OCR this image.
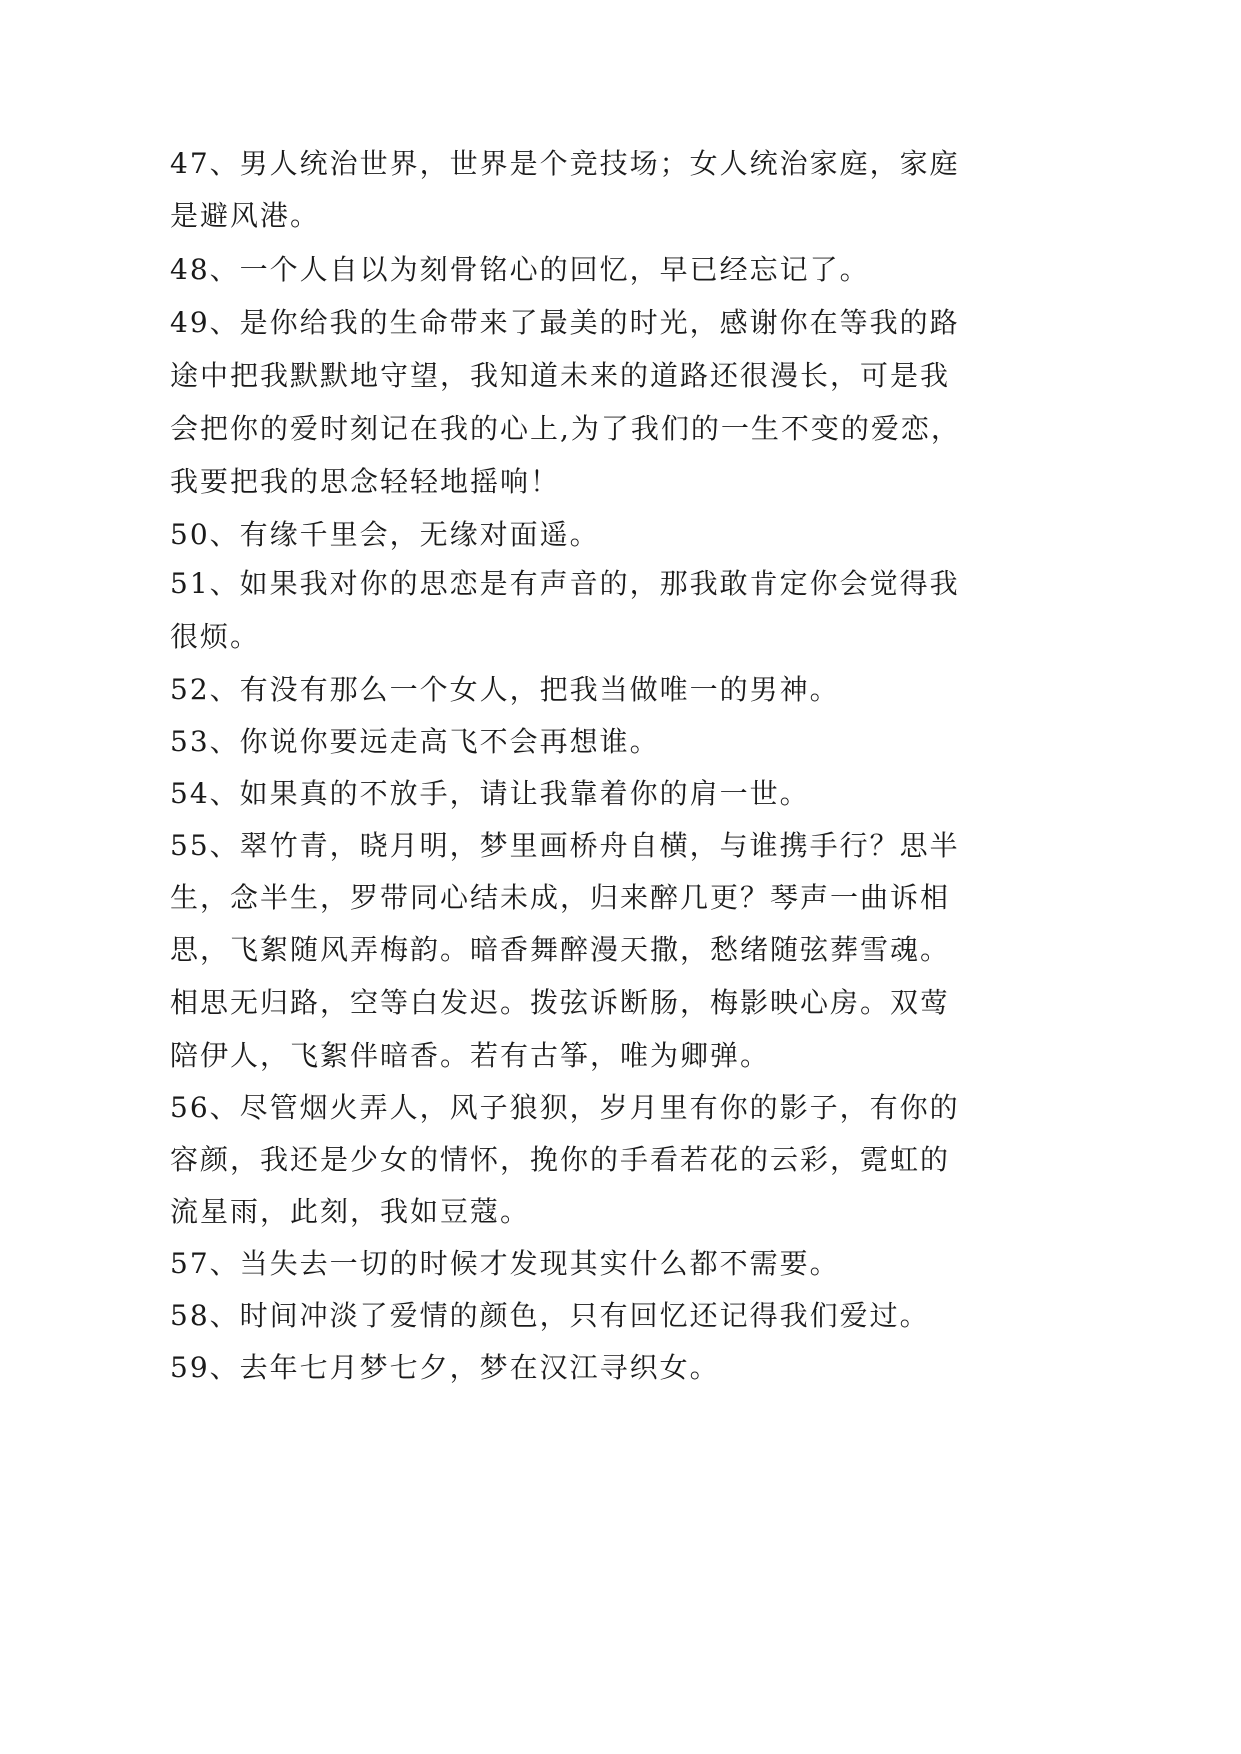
47、男人统治世界，世界是个竞技场；女人统治家庭，家庭
是避风港。
48、一个人自以为刻骨铭心的回忆，早已经忘记了。
49、是你给我的生命带来了最美的时光，感谢你在等我的路
途中把我默默地守望，我知道未来的道路还很漫长，可是我
会把你的爱时刻记在我的心上,为了我们的一生不变的爱恋，
我要把我的思念轻轻地摇响！
50、有缘千里会，无缘对面遥。
51、如果我对你的思恋是有声音的，那我敢肯定你会觉得我
很烦。
52、有没有那么一个女人，把我当做唯一的男神。
53、你说你要远走高飞不会再想谁。
54、如果真的不放手，请让我靠着你的肩一世。
55、翠竹青，晓月明，梦里画桥舟自横，与谁携手行？思半
生，念半生，罗带同心结未成，归来醉几更？琴声一曲诉相
思，飞絮随风弄梅韵。暗香舞醉漫天撒，愁绪随弦葬雪魂。
相思无归路，空等白发迟。拨弦诉断肠，梅影映心房。双莺
陪伊人，飞絮伴暗香。若有古筝，唯为卿弹。
56、尽管烟火弄人，风子狼狈，岁月里有你的影子，有你的
容颜，我还是少女的情怀，挽你的手看若花的云彩，霓虹的
流星雨，此刻，我如豆蔻。
57、当失去一切的时候才发现其实什么都不需要。
58、时间冲淡了爱情的颜色，只有回忆还记得我们爱过。
59、去年七月梦七夕，梦在汉江寻织女。
